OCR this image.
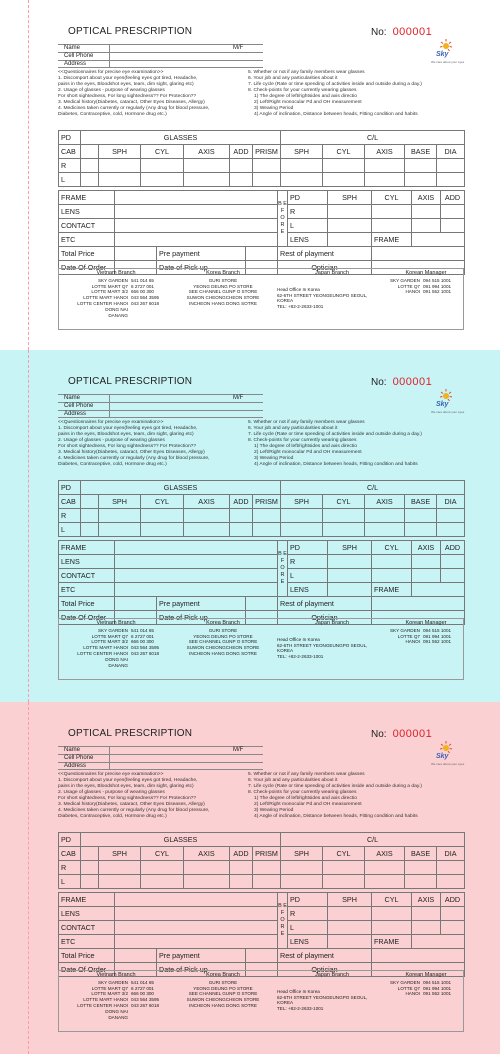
OPTICAL PRESCRIPTION	No: 000001
Sky
We care about your eyes
Name	M/F
Cell Phone
Address
<<Questionnaires for precise eye examination>>
1. Discomport about your eyes(feeling eyes got tired, Headache,
pains in the eyes, Bloodshot eyes, tears, dim sight, glaring etc)
2. Usage of glasses - purpose of wearing glasses
For short sightedness, For long sightedness?? For Protection??
3. Medical history(Diabetes, cataract, Other Eyes Diseases, Allergy)
4. Medicines taken currently or regularly (Any drug for blood pressure,
Diabetes, Contraceptive, cold, Hormone drug etc.)
5. Whether or not if any family members wear glasses
6. Your job and any particularities about it
7. Life cycle (Rate or time spending of activities inside and outside during a day.)
8. Check-points for your currently wearing glasses
1) The degree of left/rightsides and axis directio
2) Left/Right monocular Pd and OH measurement
3) Wearing Period
4) Angle of inclination, Distance between heads, Fitting condition and habits
PD	GLASSES						C/L				
CAB		SPH	CYL	AXIS	ADD	PRISM	SPH	CYL	AXIS	BASE	DIA
R											
L											
FRAME				B E F O R E	PD	SPH	CYL	AXIS	ADD
LENS					R				
CONTACT					L				
ETC					LENS		FRAME		
Total Price		Pre payment		Rest of playment					
Date Of Order		Date of Pick up		Optician					
Vietnam Branch
SKY GARDEN 541 014 65
LOTTE MART Q7 6 2727 001
LOTTE MART 3/2 666 00 300
LOTTE MART HANOI 043 564 3595
LOTTE CENTER HANOI 043 267 6018
DONG NAI
DANANG
Korea Branch
GURI STORE
YEONG DEUNG PO STORE
SEE CHANNEL GUNP O STORE
SUWON CHEONGCHEON STORE
INCHEON HANG DONG SOTRE
Japan Branch
Head Office In Korea
62-6TH STREET YEONGEUNGPO SEOUL,
KOREA
TEL: +82-2-2633-1001
Korean Manager
SKY GARDEN 094 515 1001
LOTTE Q7 091 994 1001
HANOI 091 552 1001
OPTICAL PRESCRIPTION	No: 000001
Sky
We care about your eyes
Name	M/F
Cell Phone
Address
<<Questionnaires for precise eye examination>>
1. Discomport about your eyes(feeling eyes got tired, Headache,
pains in the eyes, Bloodshot eyes, tears, dim sight, glaring etc)
2. Usage of glasses - purpose of wearing glasses
For short sightedness, For long sightedness?? For Protection??
3. Medical history(Diabetes, cataract, Other Eyes Diseases, Allergy)
4. Medicines taken currently or regularly (Any drug for blood pressure,
Diabetes, Contraceptive, cold, Hormone drug etc.)
5. Whether or not if any family members wear glasses
6. Your job and any particularities about it
7. Life cycle (Rate or time spending of activities inside and outside during a day.)
8. Check-points for your currently wearing glasses
1) The degree of left/rightsides and axis directio
2) Left/Right monocular Pd and OH measurement
3) Wearing Period
4) Angle of inclination, Distance between heads, Fitting condition and habits
PD	GLASSES						C/L				
CAB		SPH	CYL	AXIS	ADD	PRISM	SPH	CYL	AXIS	BASE	DIA
R											
L											
FRAME				B E F O R E	PD	SPH	CYL	AXIS	ADD
LENS					R				
CONTACT					L				
ETC					LENS		FRAME		
Total Price		Pre payment		Rest of playment					
Date Of Order		Date of Pick up		Optician					
Vietnam Branch
SKY GARDEN 541 014 65
LOTTE MART Q7 6 2727 001
LOTTE MART 3/2 666 00 300
LOTTE MART HANOI 043 564 3595
LOTTE CENTER HANOI 043 267 6018
DONG NAI
DANANG
Korea Branch
GURI STORE
YEONG DEUNG PO STORE
SEE CHANNEL GUNP O STORE
SUWON CHEONGCHEON STORE
INCHEON HANG DONG SOTRE
Japan Branch
Head Office In Korea
62-6TH STREET YEONGEUNGPO SEOUL,
KOREA
TEL: +82-2-2633-1001
Korean Manager
SKY GARDEN 094 515 1001
LOTTE Q7 091 994 1001
HANOI 091 552 1001
OPTICAL PRESCRIPTION	No: 000001
Sky
We care about your eyes
Name	M/F
Cell Phone
Address
<<Questionnaires for precise eye examination>>
1. Discomport about your eyes(feeling eyes got tired, Headache,
pains in the eyes, Bloodshot eyes, tears, dim sight, glaring etc)
2. Usage of glasses - purpose of wearing glasses
For short sightedness, For long sightedness?? For Protection??
3. Medical history(Diabetes, cataract, Other Eyes Diseases, Allergy)
4. Medicines taken currently or regularly (Any drug for blood pressure,
Diabetes, Contraceptive, cold, Hormone drug etc.)
5. Whether or not if any family members wear glasses
6. Your job and any particularities about it
7. Life cycle (Rate or time spending of activities inside and outside during a day.)
8. Check-points for your currently wearing glasses
1) The degree of left/rightsides and axis directio
2) Left/Right monocular Pd and OH measurement
3) Wearing Period
4) Angle of inclination, Distance between heads, Fitting condition and habits
PD	GLASSES						C/L				
CAB		SPH	CYL	AXIS	ADD	PRISM	SPH	CYL	AXIS	BASE	DIA
R											
L											
FRAME				B E F O R E	PD	SPH	CYL	AXIS	ADD
LENS					R				
CONTACT					L				
ETC					LENS		FRAME		
Total Price		Pre payment		Rest of playment					
Date Of Order		Date of Pick up		Optician					
Vietnam Branch
SKY GARDEN 541 014 65
LOTTE MART Q7 6 2727 001
LOTTE MART 3/2 666 00 300
LOTTE MART HANOI 043 564 3595
LOTTE CENTER HANOI 043 267 6018
DONG NAI
DANANG
Korea Branch
GURI STORE
YEONG DEUNG PO STORE
SEE CHANNEL GUNP O STORE
SUWON CHEONGCHEON STORE
INCHEON HANG DONG SOTRE
Japan Branch
Head Office In Korea
62-6TH STREET YEONGEUNGPO SEOUL,
KOREA
TEL: +82-2-2633-1001
Korean Manager
SKY GARDEN 094 515 1001
LOTTE Q7 091 994 1001
HANOI 091 552 1001
